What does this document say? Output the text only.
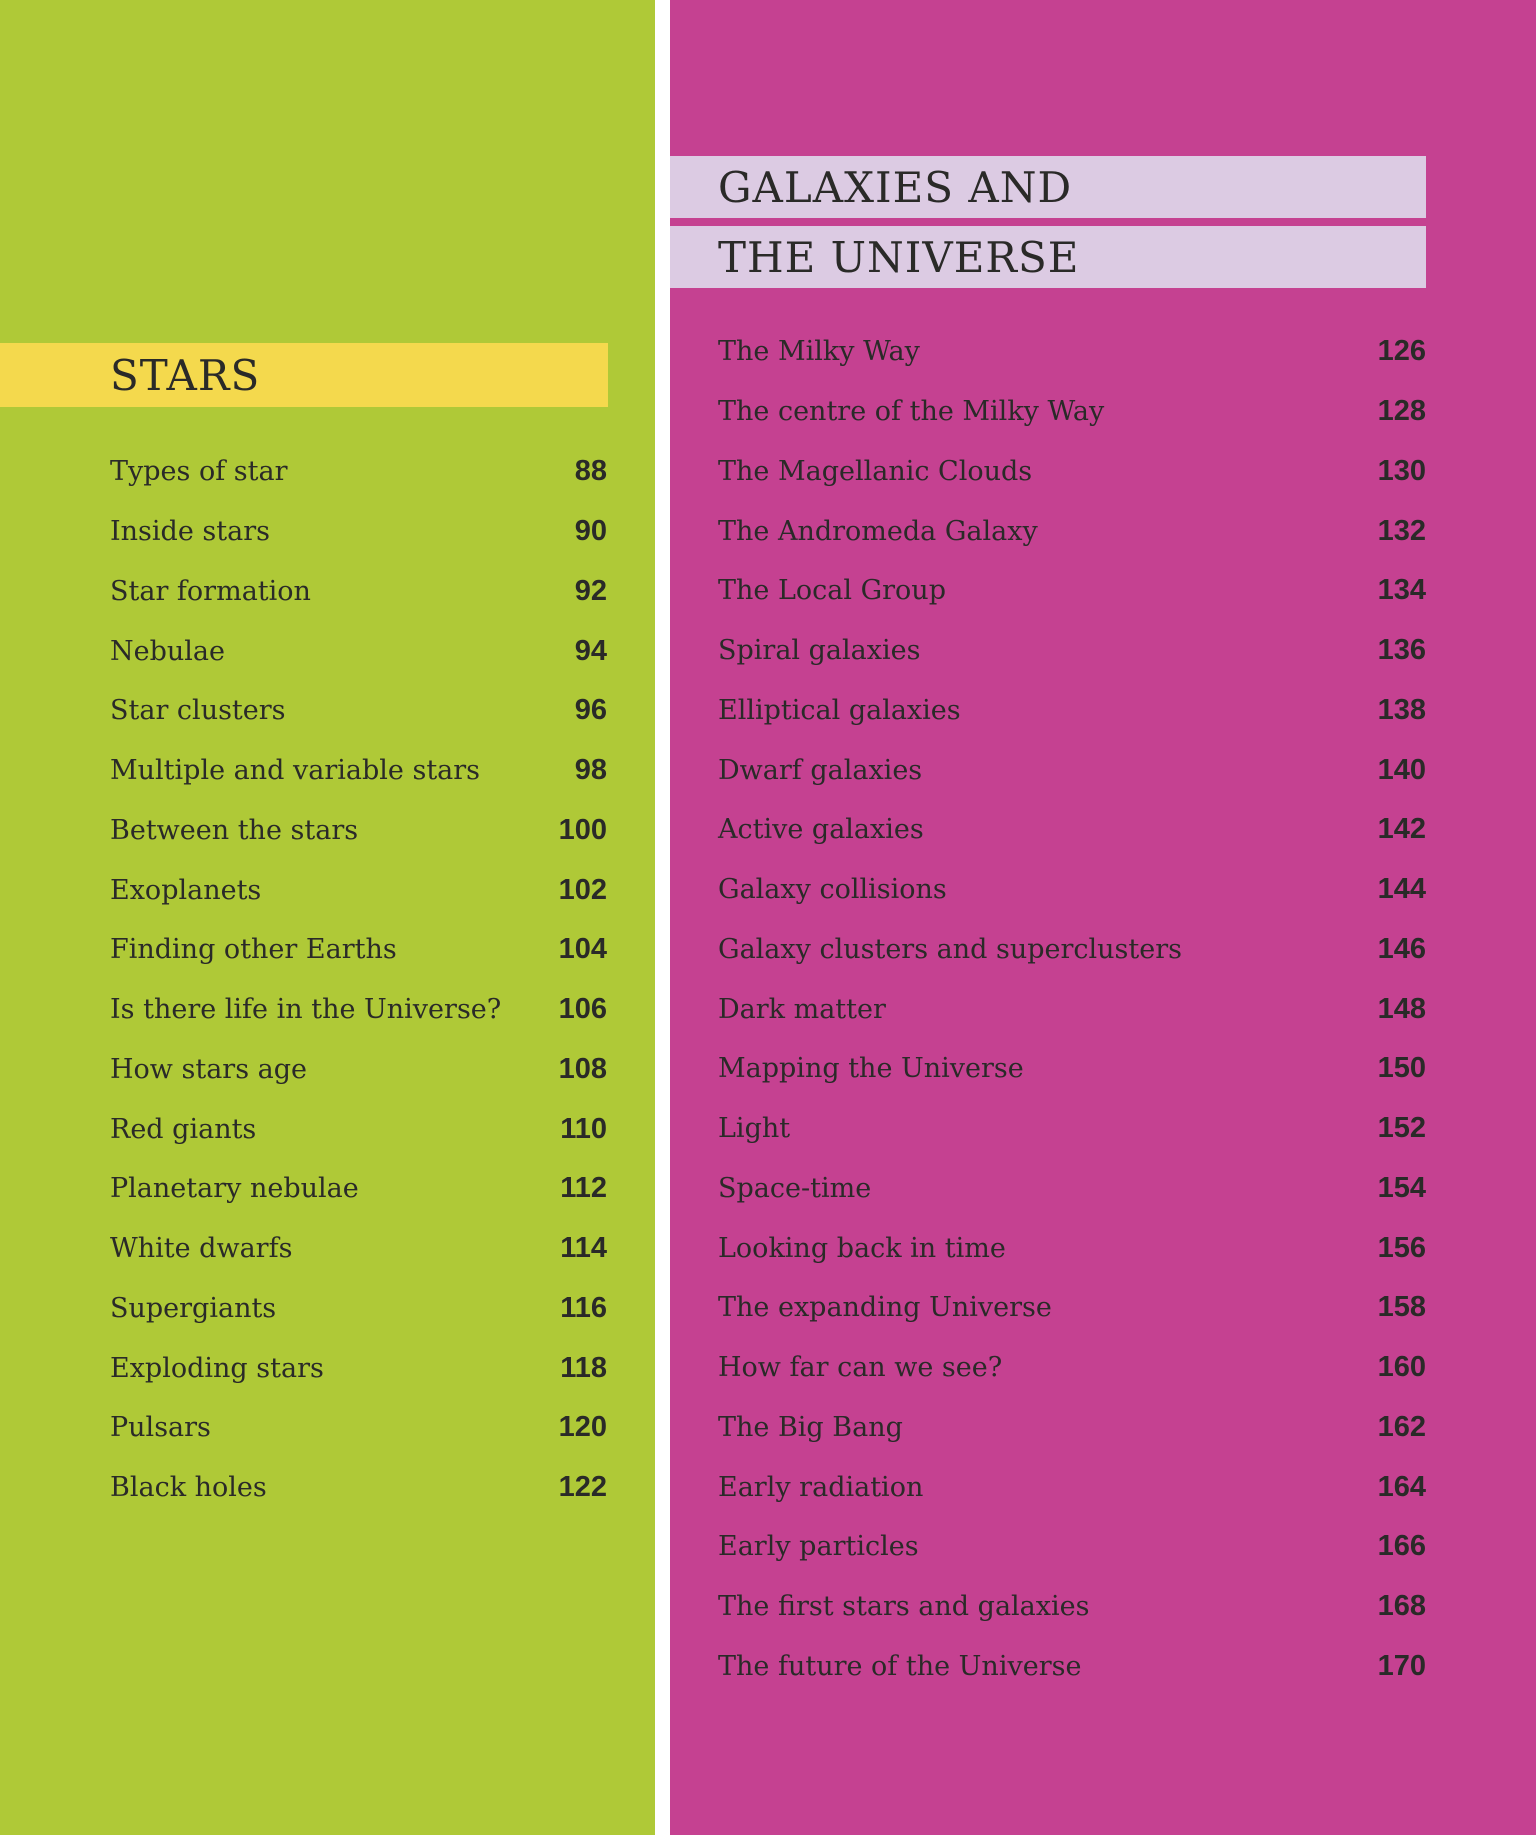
STARS
GALAXIES AND
THE UNIVERSE
Types of star	88
Inside stars	90
Star formation	92
Nebulae	94
Star clusters	96
Multiple and variable stars	98
Between the stars	100
Exoplanets	102
Finding other Earths	104
Is there life in the Universe? 106
How stars age	108
Red giants	110
Planetary nebulae	112
White dwarfs	114
Supergiants	116
Exploding stars	118
Pulsars	120
Black holes	122
The Milky Way	126
The centre of the Milky Way	128
The Magellanic Clouds	130
The Andromeda Galaxy	132
The Local Group	134
Spiral galaxies	136
Elliptical galaxies	138
Dwarf galaxies	140
Active galaxies	142
Galaxy collisions	144
Galaxy clusters and superclusters	146
Dark matter	148
Mapping the Universe	150
Light	152
Space-time	154
Looking back in time	156
The expanding Universe	158
How far can we see?	160
The Big Bang	162
Early radiation	164
Early particles	166
The first stars and galaxies	168
The future of the Universe	170
